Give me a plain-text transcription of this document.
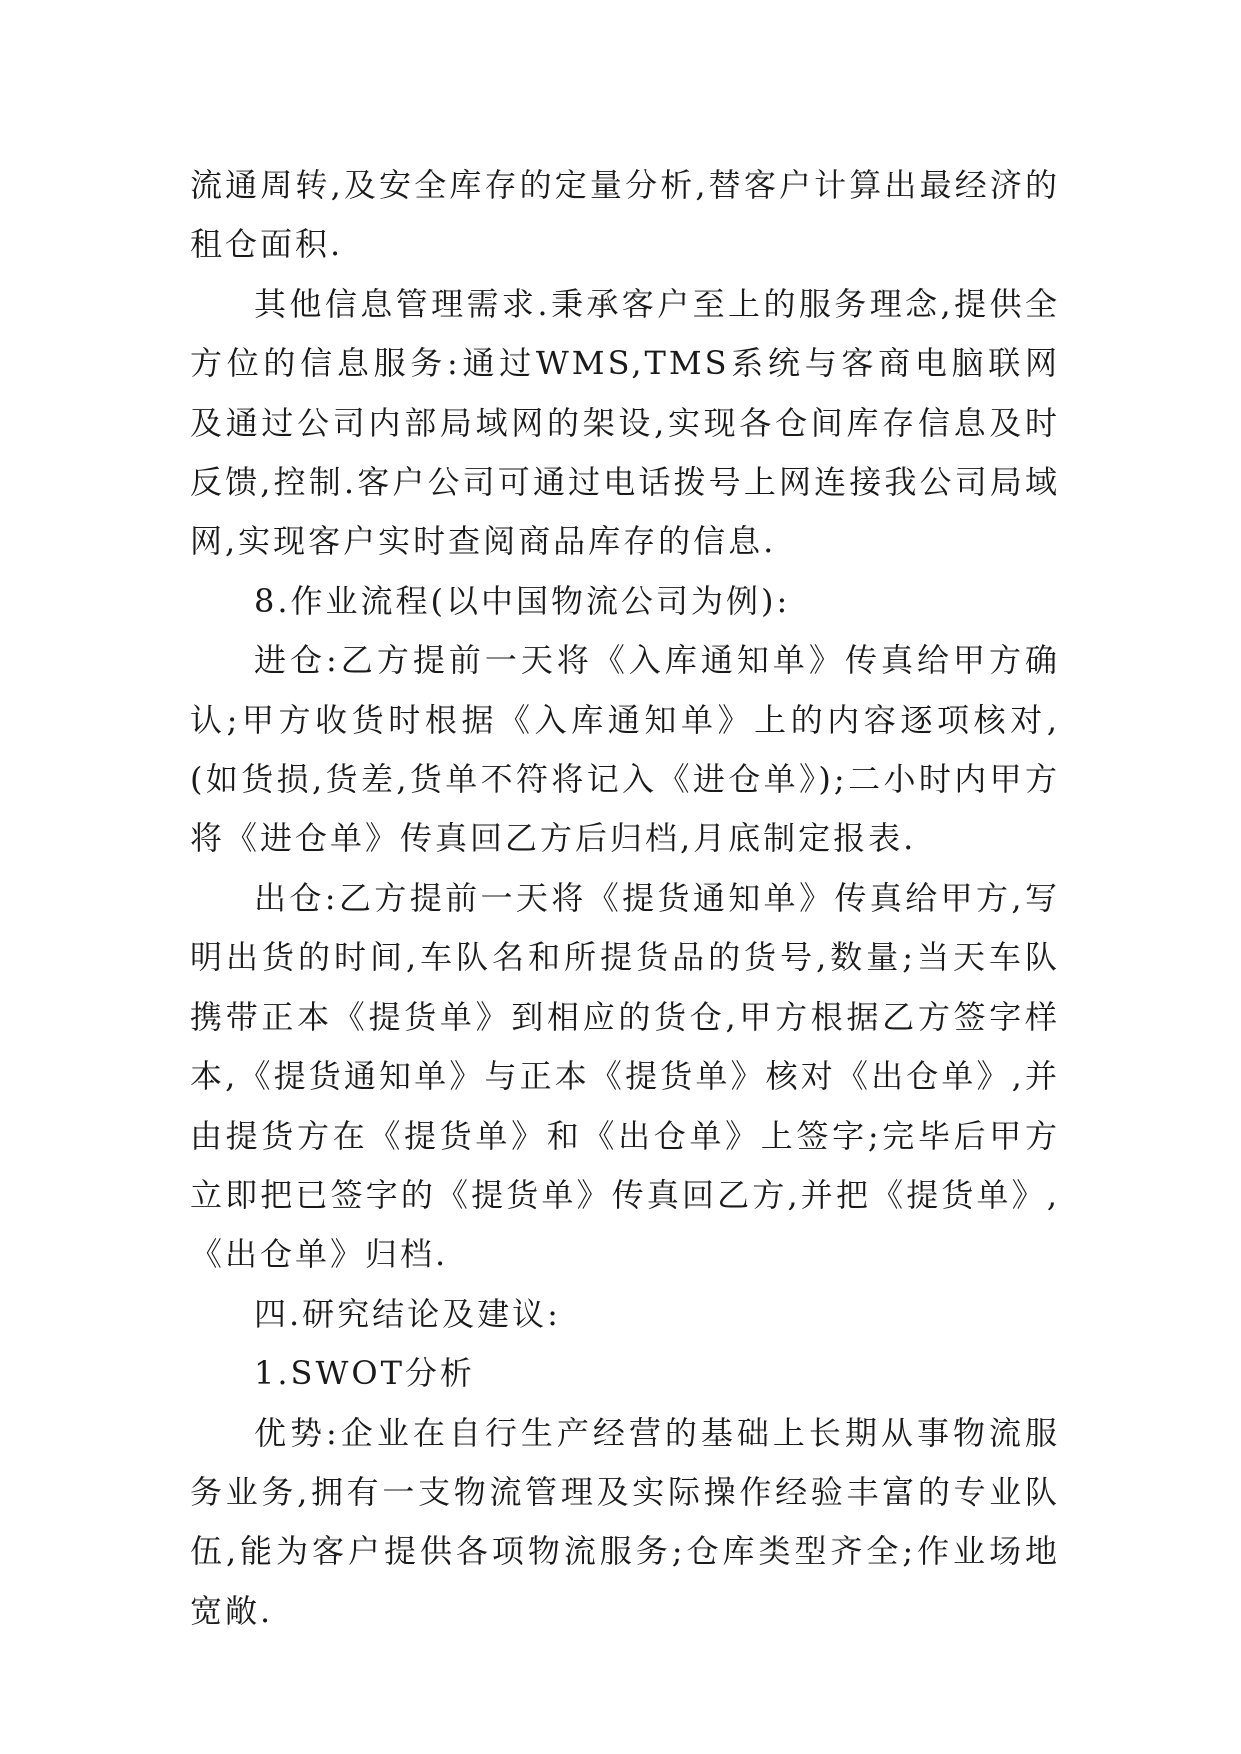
流通周转,及安全库存的定量分析,替客户计算出最经济的租仓面积.

其他信息管理需求.秉承客户至上的服务理念,提供全方位的信息服务:通过WMS,TMS系统与客商电脑联网及通过公司内部局域网的架设,实现各仓间库存信息及时反馈,控制.客户公司可通过电话拨号上网连接我公司局域网,实现客户实时查阅商品库存的信息.

8.作业流程(以中国物流公司为例):

进仓:乙方提前一天将《入库通知单》传真给甲方确认;甲方收货时根据《入库通知单》上的内容逐项核对,(如货损,货差,货单不符将记入《进仓单》);二小时内甲方将《进仓单》传真回乙方后归档,月底制定报表.

出仓:乙方提前一天将《提货通知单》传真给甲方,写明出货的时间,车队名和所提货品的货号,数量;当天车队携带正本《提货单》到相应的货仓,甲方根据乙方签字样本,《提货通知单》与正本《提货单》核对《出仓单》,并由提货方在《提货单》和《出仓单》上签字;完毕后甲方立即把已签字的《提货单》传真回乙方,并把《提货单》,《出仓单》归档.

四.研究结论及建议:

1.SWOT分析

优势:企业在自行生产经营的基础上长期从事物流服务业务,拥有一支物流管理及实际操作经验丰富的专业队伍,能为客户提供各项物流服务;仓库类型齐全;作业场地宽敞.
